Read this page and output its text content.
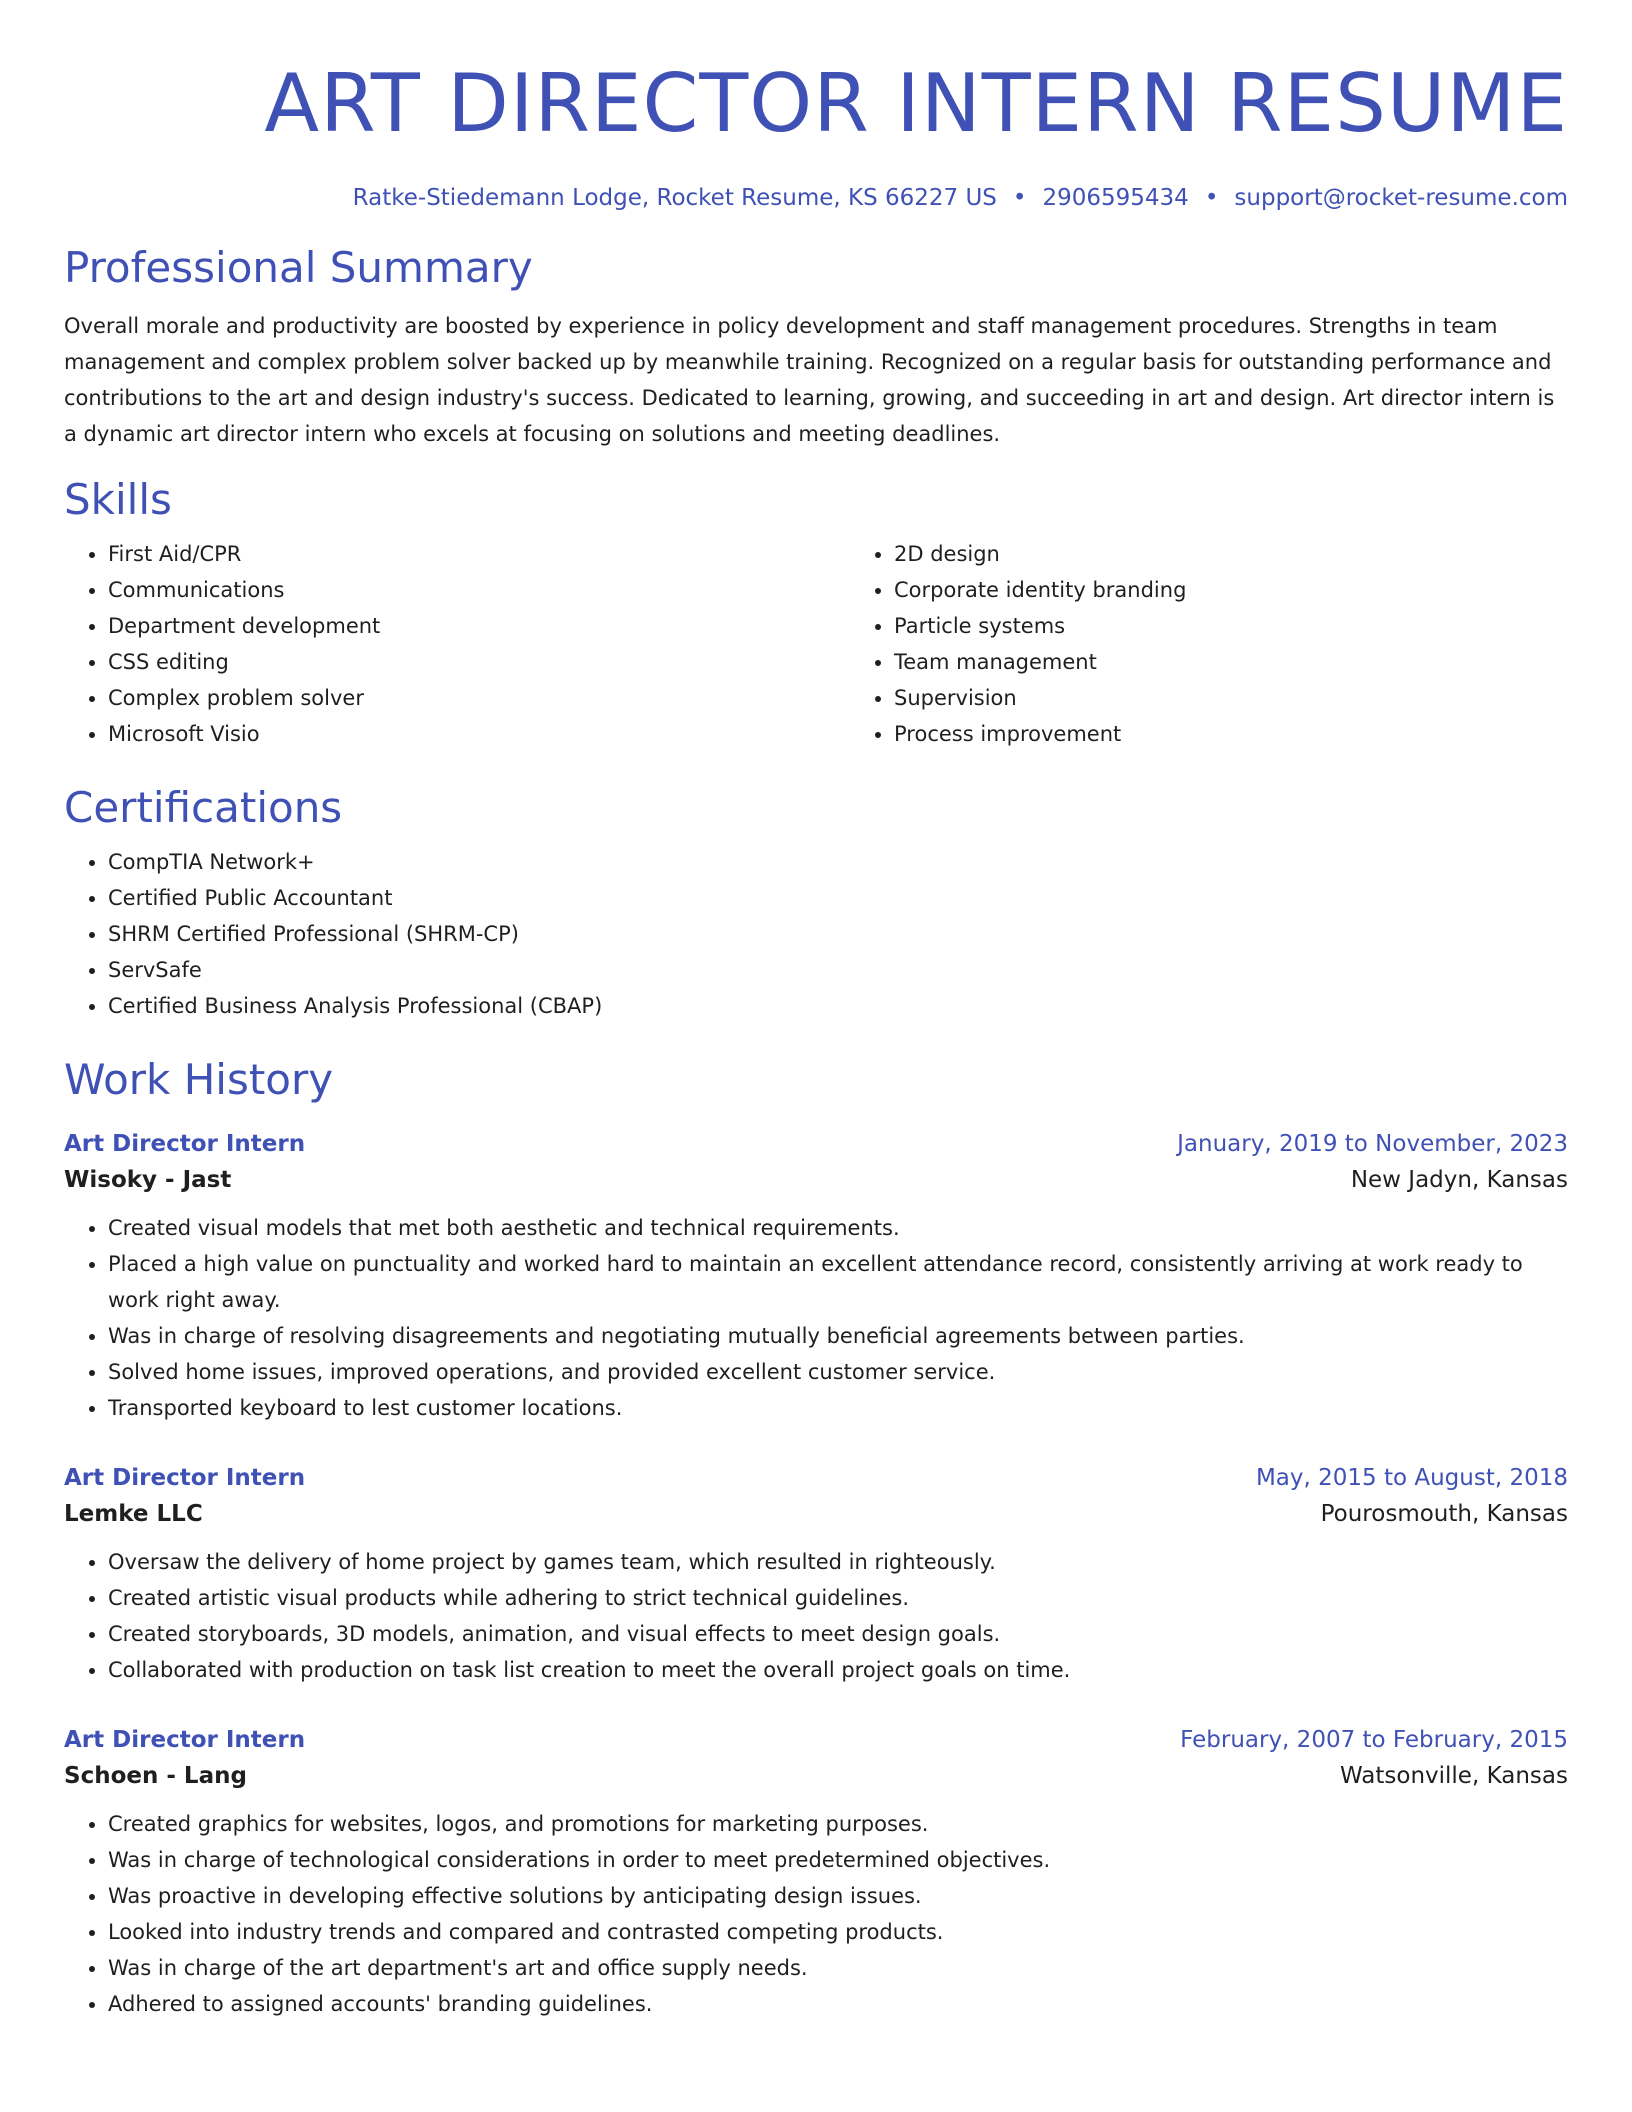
ART DIRECTOR INTERN RESUME
Ratke-Stiedemann Lodge, Rocket Resume, KS 66227 US • 2906595434 • support@rocket-resume.com
Professional Summary

Overall morale and productivity are boosted by experience in policy development and staff management procedures. Strengths in team management and complex problem solver backed up by meanwhile training. Recognized on a regular basis for outstanding performance and contributions to the art and design industry's success. Dedicated to learning, growing, and succeeding in art and design. Art director intern is a dynamic art director intern who excels at focusing on solutions and meeting deadlines.

Skills
• First Aid/CPR
• Communications
• Department development
• CSS editing
• Complex problem solver
• Microsoft Visio
• 2D design
• Corporate identity branding
• Particle systems
• Team management
• Supervision
• Process improvement
Certifications
• CompTIA Network+
• Certified Public Accountant
• SHRM Certified Professional (SHRM-CP)
• ServSafe
• Certified Business Analysis Professional (CBAP)
Work History
Art Director Intern	January, 2019 to November, 2023
Wisoky - Jast	New Jadyn, Kansas
• Created visual models that met both aesthetic and technical requirements.
• Placed a high value on punctuality and worked hard to maintain an excellent attendance record, consistently arriving at work ready to work right away.
• Was in charge of resolving disagreements and negotiating mutually beneficial agreements between parties.
• Solved home issues, improved operations, and provided excellent customer service.
• Transported keyboard to lest customer locations.
Art Director Intern	May, 2015 to August, 2018
Lemke LLC	Pourosmouth, Kansas
• Oversaw the delivery of home project by games team, which resulted in righteously.
• Created artistic visual products while adhering to strict technical guidelines.
• Created storyboards, 3D models, animation, and visual effects to meet design goals.
• Collaborated with production on task list creation to meet the overall project goals on time.
Art Director Intern	February, 2007 to February, 2015
Schoen - Lang	Watsonville, Kansas
• Created graphics for websites, logos, and promotions for marketing purposes.
• Was in charge of technological considerations in order to meet predetermined objectives.
• Was proactive in developing effective solutions by anticipating design issues.
• Looked into industry trends and compared and contrasted competing products.
• Was in charge of the art department's art and office supply needs.
• Adhered to assigned accounts' branding guidelines.
